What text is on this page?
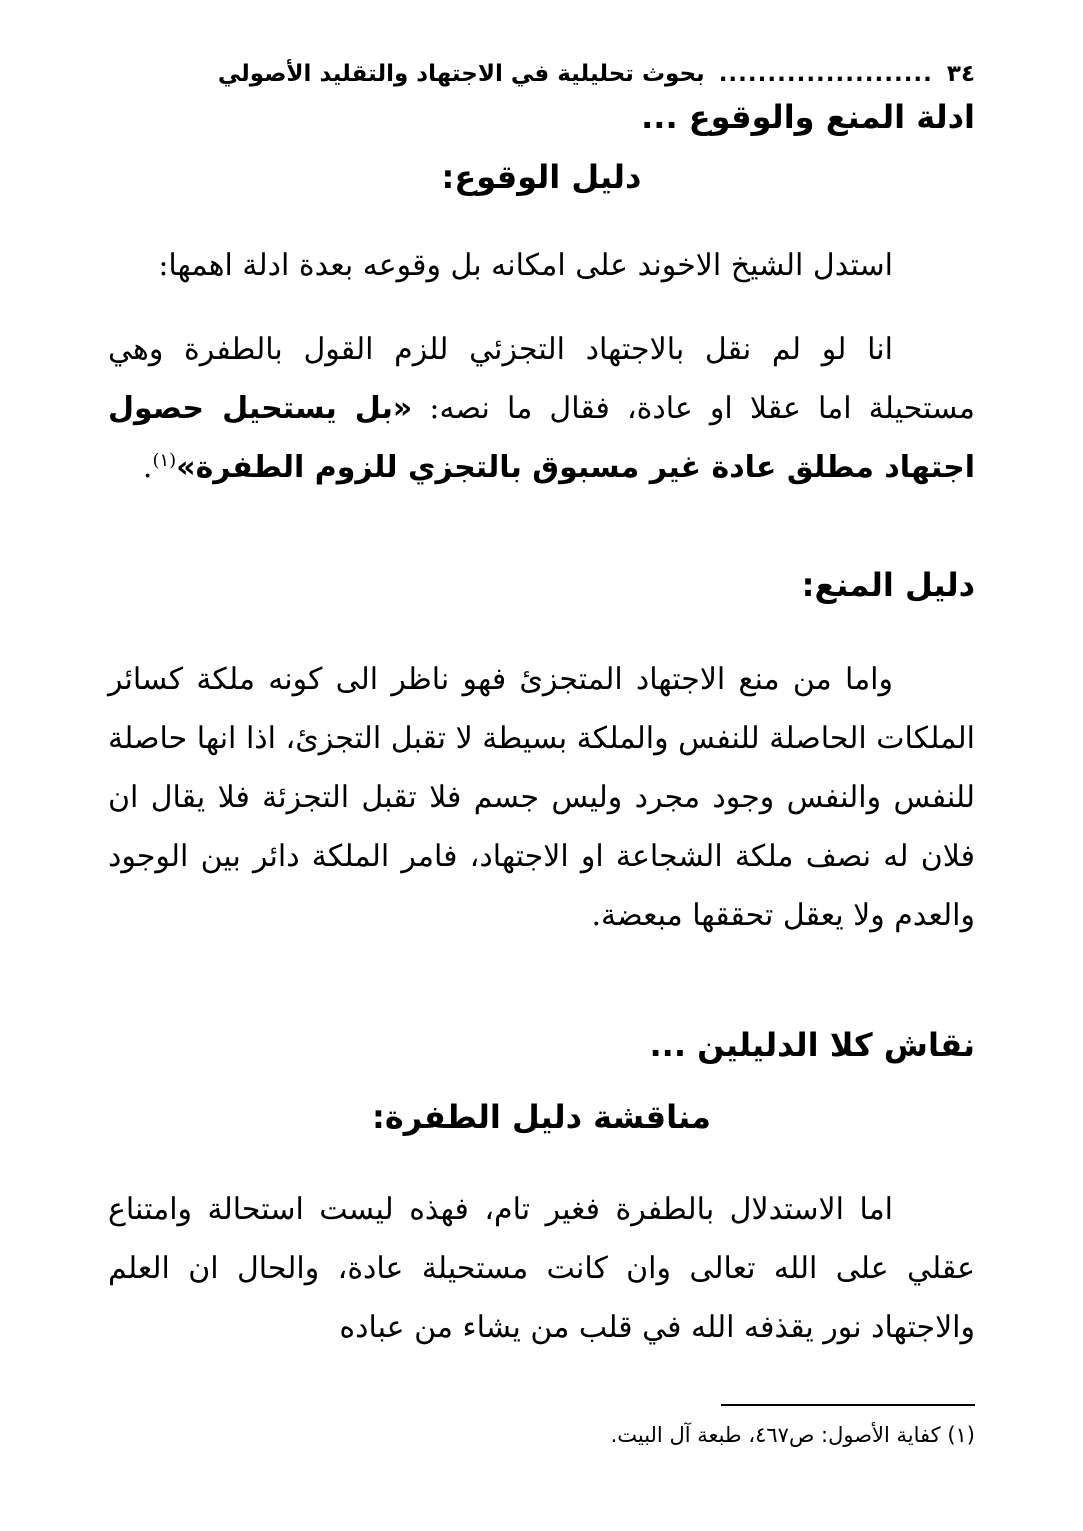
٣٤
......................
بحوث تحليلية في الاجتهاد والتقليد الأصولي
ادلة المنع والوقوع ...
دليل الوقوع:

استدل الشيخ الاخوند على امكانه بل وقوعه بعدة ادلة اهمها:

انا لو لم نقل بالاجتهاد التجزئي للزم القول بالطفرة وهي مستحيلة اما عقلا او عادة، فقال ما نصه: «بل يستحيل حصول اجتهاد مطلق عادة غير مسبوق بالتجزي للزوم الطفرة»$^{(١)}$.

دليل المنع:

واما من منع الاجتهاد المتجزئ فهو ناظر الى كونه ملكة كسائر الملكات الحاصلة للنفس والملكة بسيطة لا تقبل التجزئ، اذا انها حاصلة للنفس والنفس وجود مجرد وليس جسم فلا تقبل التجزئة فلا يقال ان فلان له نصف ملكة الشجاعة او الاجتهاد، فامر الملكة دائر بين الوجود والعدم ولا يعقل تحققها مبعضة.

نقاش كلا الدليلين ...
مناقشة دليل الطفرة:

اما الاستدلال بالطفرة فغير تام، فهذه ليست استحالة وامتناع عقلي على الله تعالى وان كانت مستحيلة عادة، والحال ان العلم والاجتهاد نور يقذفه الله في قلب من يشاء من عباده

(١) كفاية الأصول: ص٤٦٧، طبعة آل البيت.
